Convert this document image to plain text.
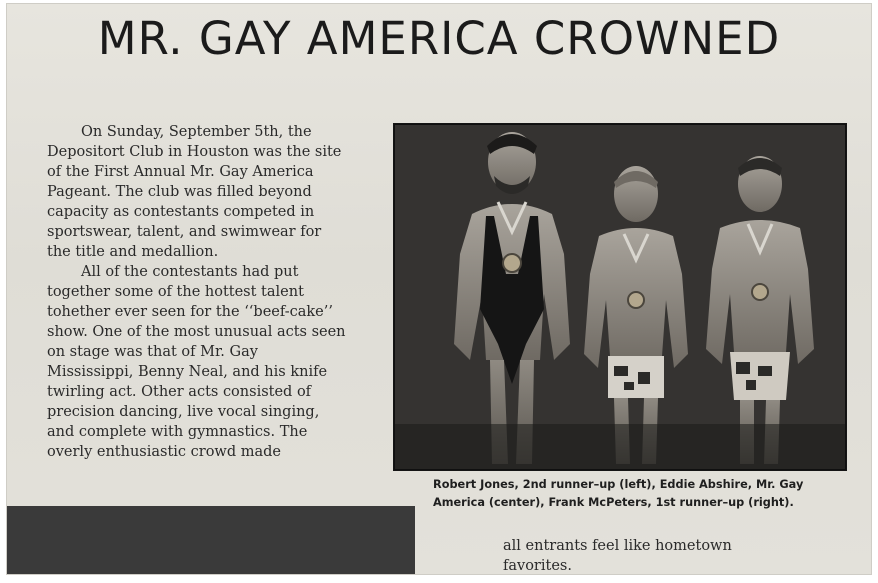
MR. GAY AMERICA CROWNED

On Sunday, September 5th, the Depositort Club in Houston was the site of the First Annual Mr. Gay America Pageant. The club was filled beyond capacity as contestants competed in sportswear, talent, and swimwear for the title and medallion.

All of the contestants had put together some of the hottest talent tohether ever seen for the ‘‘beef-cake’’ show. One of the most unusual acts seen on stage was that of Mr. Gay Mississippi, Benny Neal, and his knife twirling act. Other acts consisted of precision dancing, live vocal singing, and complete with gymnastics. The overly enthusiastic crowd made

Robert Jones, 2nd runner–up (left), Eddie Abshire, Mr. Gay America (center), Frank McPeters, 1st runner–up (right).
all entrants feel like hometown favorites.
